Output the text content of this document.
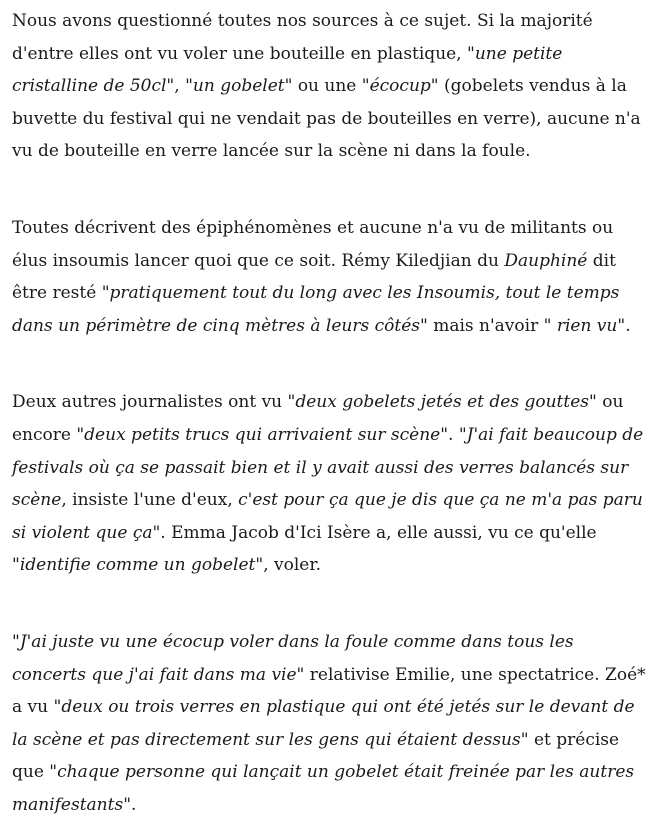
Nous avons questionné toutes nos sources à ce sujet. Si la majorité d'entre elles ont vu voler une bouteille en plastique, "une petite cristalline de 50cl", "un gobelet" ou une "écocup" (gobelets vendus à la buvette du festival qui ne vendait pas de bouteilles en verre), aucune n'a vu de bouteille en verre lancée sur la scène ni dans la foule.

Toutes décrivent des épiphénomènes et aucune n'a vu de militants ou élus insoumis lancer quoi que ce soit. Rémy Kiledjian du Dauphiné dit être resté "pratiquement tout du long avec les Insoumis, tout le temps dans un périmètre de cinq mètres à leurs côtés" mais n'avoir " rien vu".

Deux autres journalistes ont vu "deux gobelets jetés et des gouttes" ou encore "deux petits trucs qui arrivaient sur scène". "J'ai fait beaucoup de festivals où ça se passait bien et il y avait aussi des verres balancés sur scène, insiste l'une d'eux, c'est pour ça que je dis que ça ne m'a pas paru si violent que ça". Emma Jacob d'Ici Isère a, elle aussi, vu ce qu'elle "identifie comme un gobelet", voler.

"J'ai juste vu une écocup voler dans la foule comme dans tous les concerts que j'ai fait dans ma vie" relativise Emilie, une spectatrice. Zoé* a vu "deux ou trois verres en plastique qui ont été jetés sur le devant de la scène et pas directement sur les gens qui étaient dessus" et précise que "chaque personne qui lançait un gobelet était freinée par les autres manifestants".
